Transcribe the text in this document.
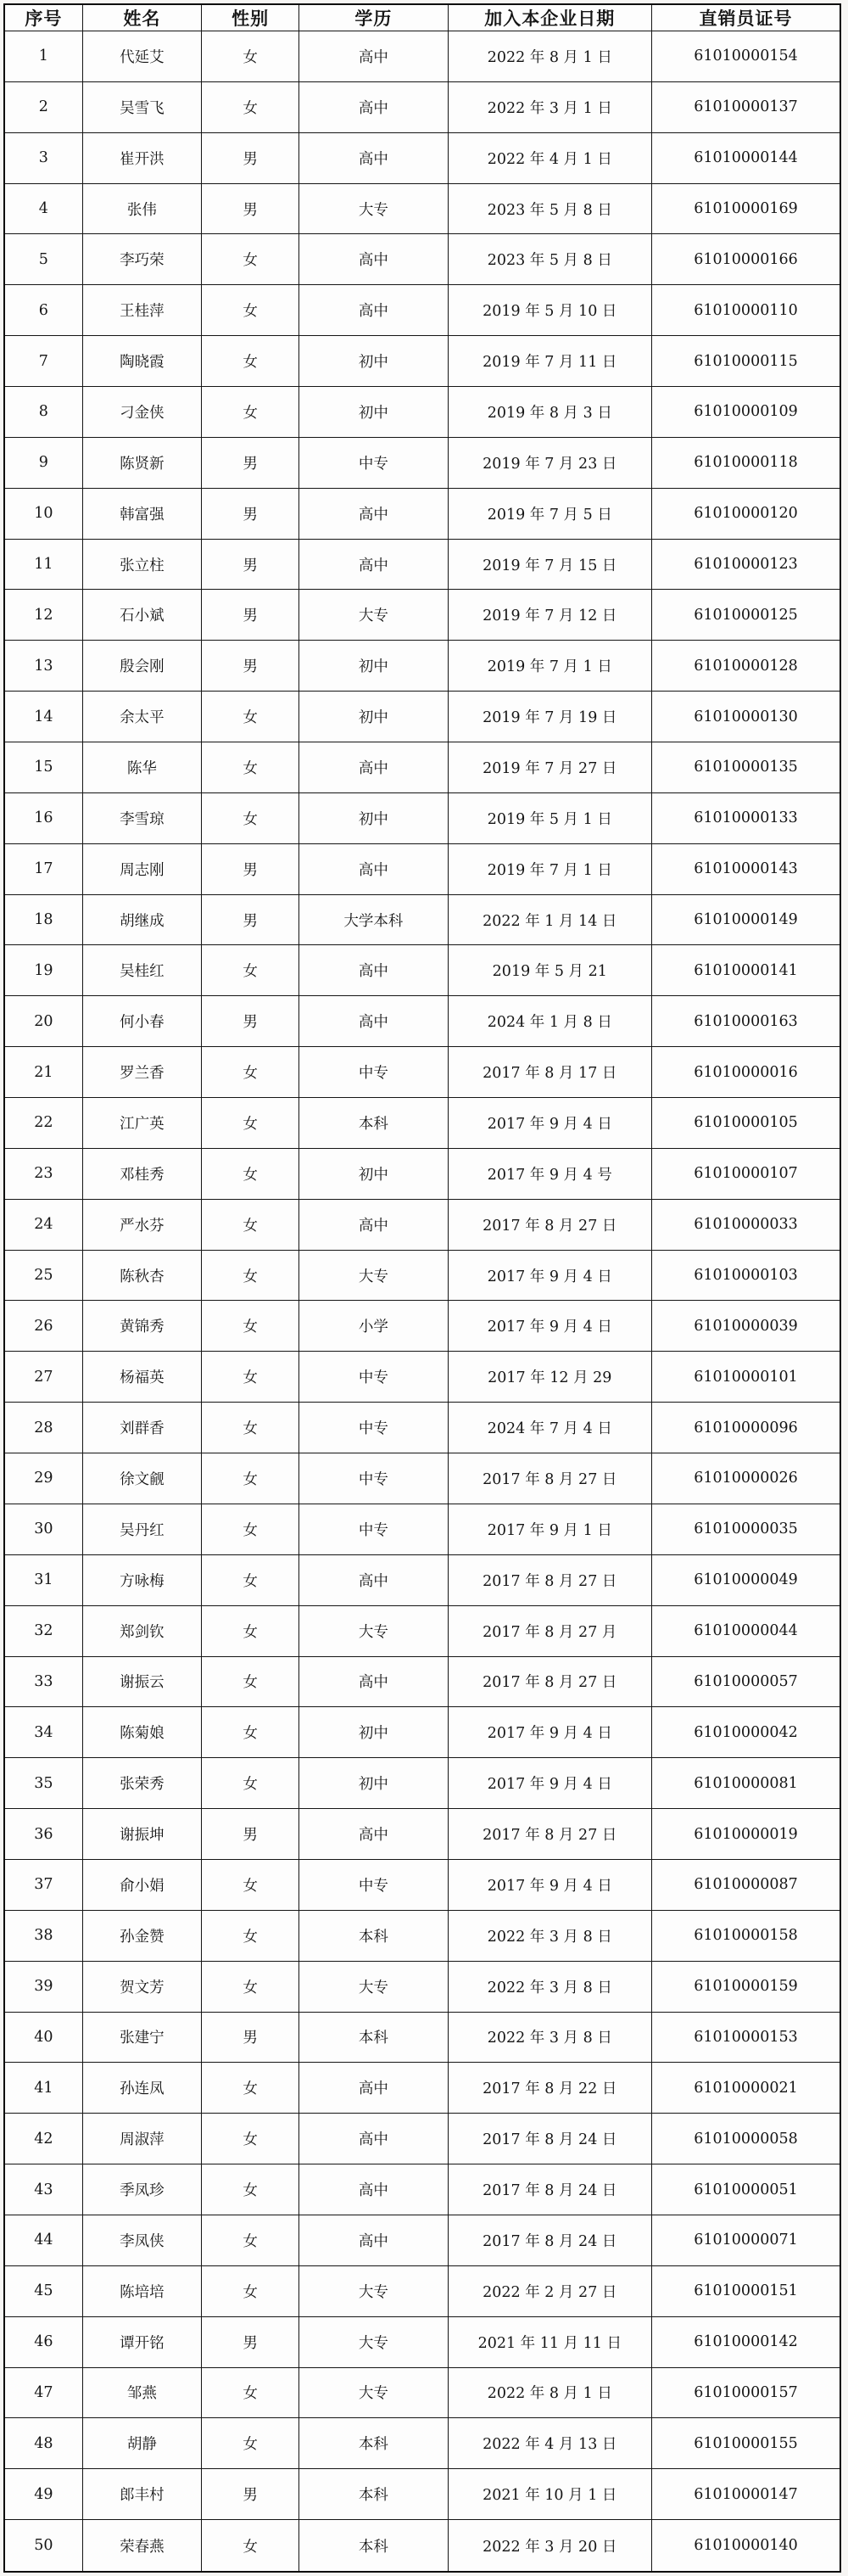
序号	姓名	性别	学历	加入本企业日期	直销员证号
1	代延艾	女	高中	2022 年 8 月 1 日	61010000154
2	吴雪飞	女	高中	2022 年 3 月 1 日	61010000137
3	崔开洪	男	高中	2022 年 4 月 1 日	61010000144
4	张伟	男	大专	2023 年 5 月 8 日	61010000169
5	李巧荣	女	高中	2023 年 5 月 8 日	61010000166
6	王桂萍	女	高中	2019 年 5 月 10 日	61010000110
7	陶晓霞	女	初中	2019 年 7 月 11 日	61010000115
8	刁金侠	女	初中	2019 年 8 月 3 日	61010000109
9	陈贤新	男	中专	2019 年 7 月 23 日	61010000118
10	韩富强	男	高中	2019 年 7 月 5 日	61010000120
11	张立柱	男	高中	2019 年 7 月 15 日	61010000123
12	石小斌	男	大专	2019 年 7 月 12 日	61010000125
13	殷会刚	男	初中	2019 年 7 月 1 日	61010000128
14	余太平	女	初中	2019 年 7 月 19 日	61010000130
15	陈华	女	高中	2019 年 7 月 27 日	61010000135
16	李雪琼	女	初中	2019 年 5 月 1 日	61010000133
17	周志刚	男	高中	2019 年 7 月 1 日	61010000143
18	胡继成	男	大学本科	2022 年 1 月 14 日	61010000149
19	吴桂红	女	高中	2019 年 5 月 21	61010000141
20	何小春	男	高中	2024 年 1 月 8 日	61010000163
21	罗兰香	女	中专	2017 年 8 月 17 日	61010000016
22	江广英	女	本科	2017 年 9 月 4 日	61010000105
23	邓桂秀	女	初中	2017 年 9 月 4 号	61010000107
24	严水芬	女	高中	2017 年 8 月 27 日	61010000033
25	陈秋杏	女	大专	2017 年 9 月 4 日	61010000103
26	黄锦秀	女	小学	2017 年 9 月 4 日	61010000039
27	杨福英	女	中专	2017 年 12 月 29	61010000101
28	刘群香	女	中专	2024 年 7 月 4 日	61010000096
29	徐文觎	女	中专	2017 年 8 月 27 日	61010000026
30	吴丹红	女	中专	2017 年 9 月 1 日	61010000035
31	方咏梅	女	高中	2017 年 8 月 27 日	61010000049
32	郑剑钦	女	大专	2017 年 8 月 27 月	61010000044
33	谢振云	女	高中	2017 年 8 月 27 日	61010000057
34	陈菊娘	女	初中	2017 年 9 月 4 日	61010000042
35	张荣秀	女	初中	2017 年 9 月 4 日	61010000081
36	谢振坤	男	高中	2017 年 8 月 27 日	61010000019
37	俞小娟	女	中专	2017 年 9 月 4 日	61010000087
38	孙金赞	女	本科	2022 年 3 月 8 日	61010000158
39	贺文芳	女	大专	2022 年 3 月 8 日	61010000159
40	张建宁	男	本科	2022 年 3 月 8 日	61010000153
41	孙连凤	女	高中	2017 年 8 月 22 日	61010000021
42	周淑萍	女	高中	2017 年 8 月 24 日	61010000058
43	季凤珍	女	高中	2017 年 8 月 24 日	61010000051
44	李凤侠	女	高中	2017 年 8 月 24 日	61010000071
45	陈培培	女	大专	2022 年 2 月 27 日	61010000151
46	谭开铭	男	大专	2021 年 11 月 11 日	61010000142
47	邹燕	女	大专	2022 年 8 月 1 日	61010000157
48	胡静	女	本科	2022 年 4 月 13 日	61010000155
49	郎丰村	男	本科	2021 年 10 月 1 日	61010000147
50	荣春燕	女	本科	2022 年 3 月 20 日	61010000140
